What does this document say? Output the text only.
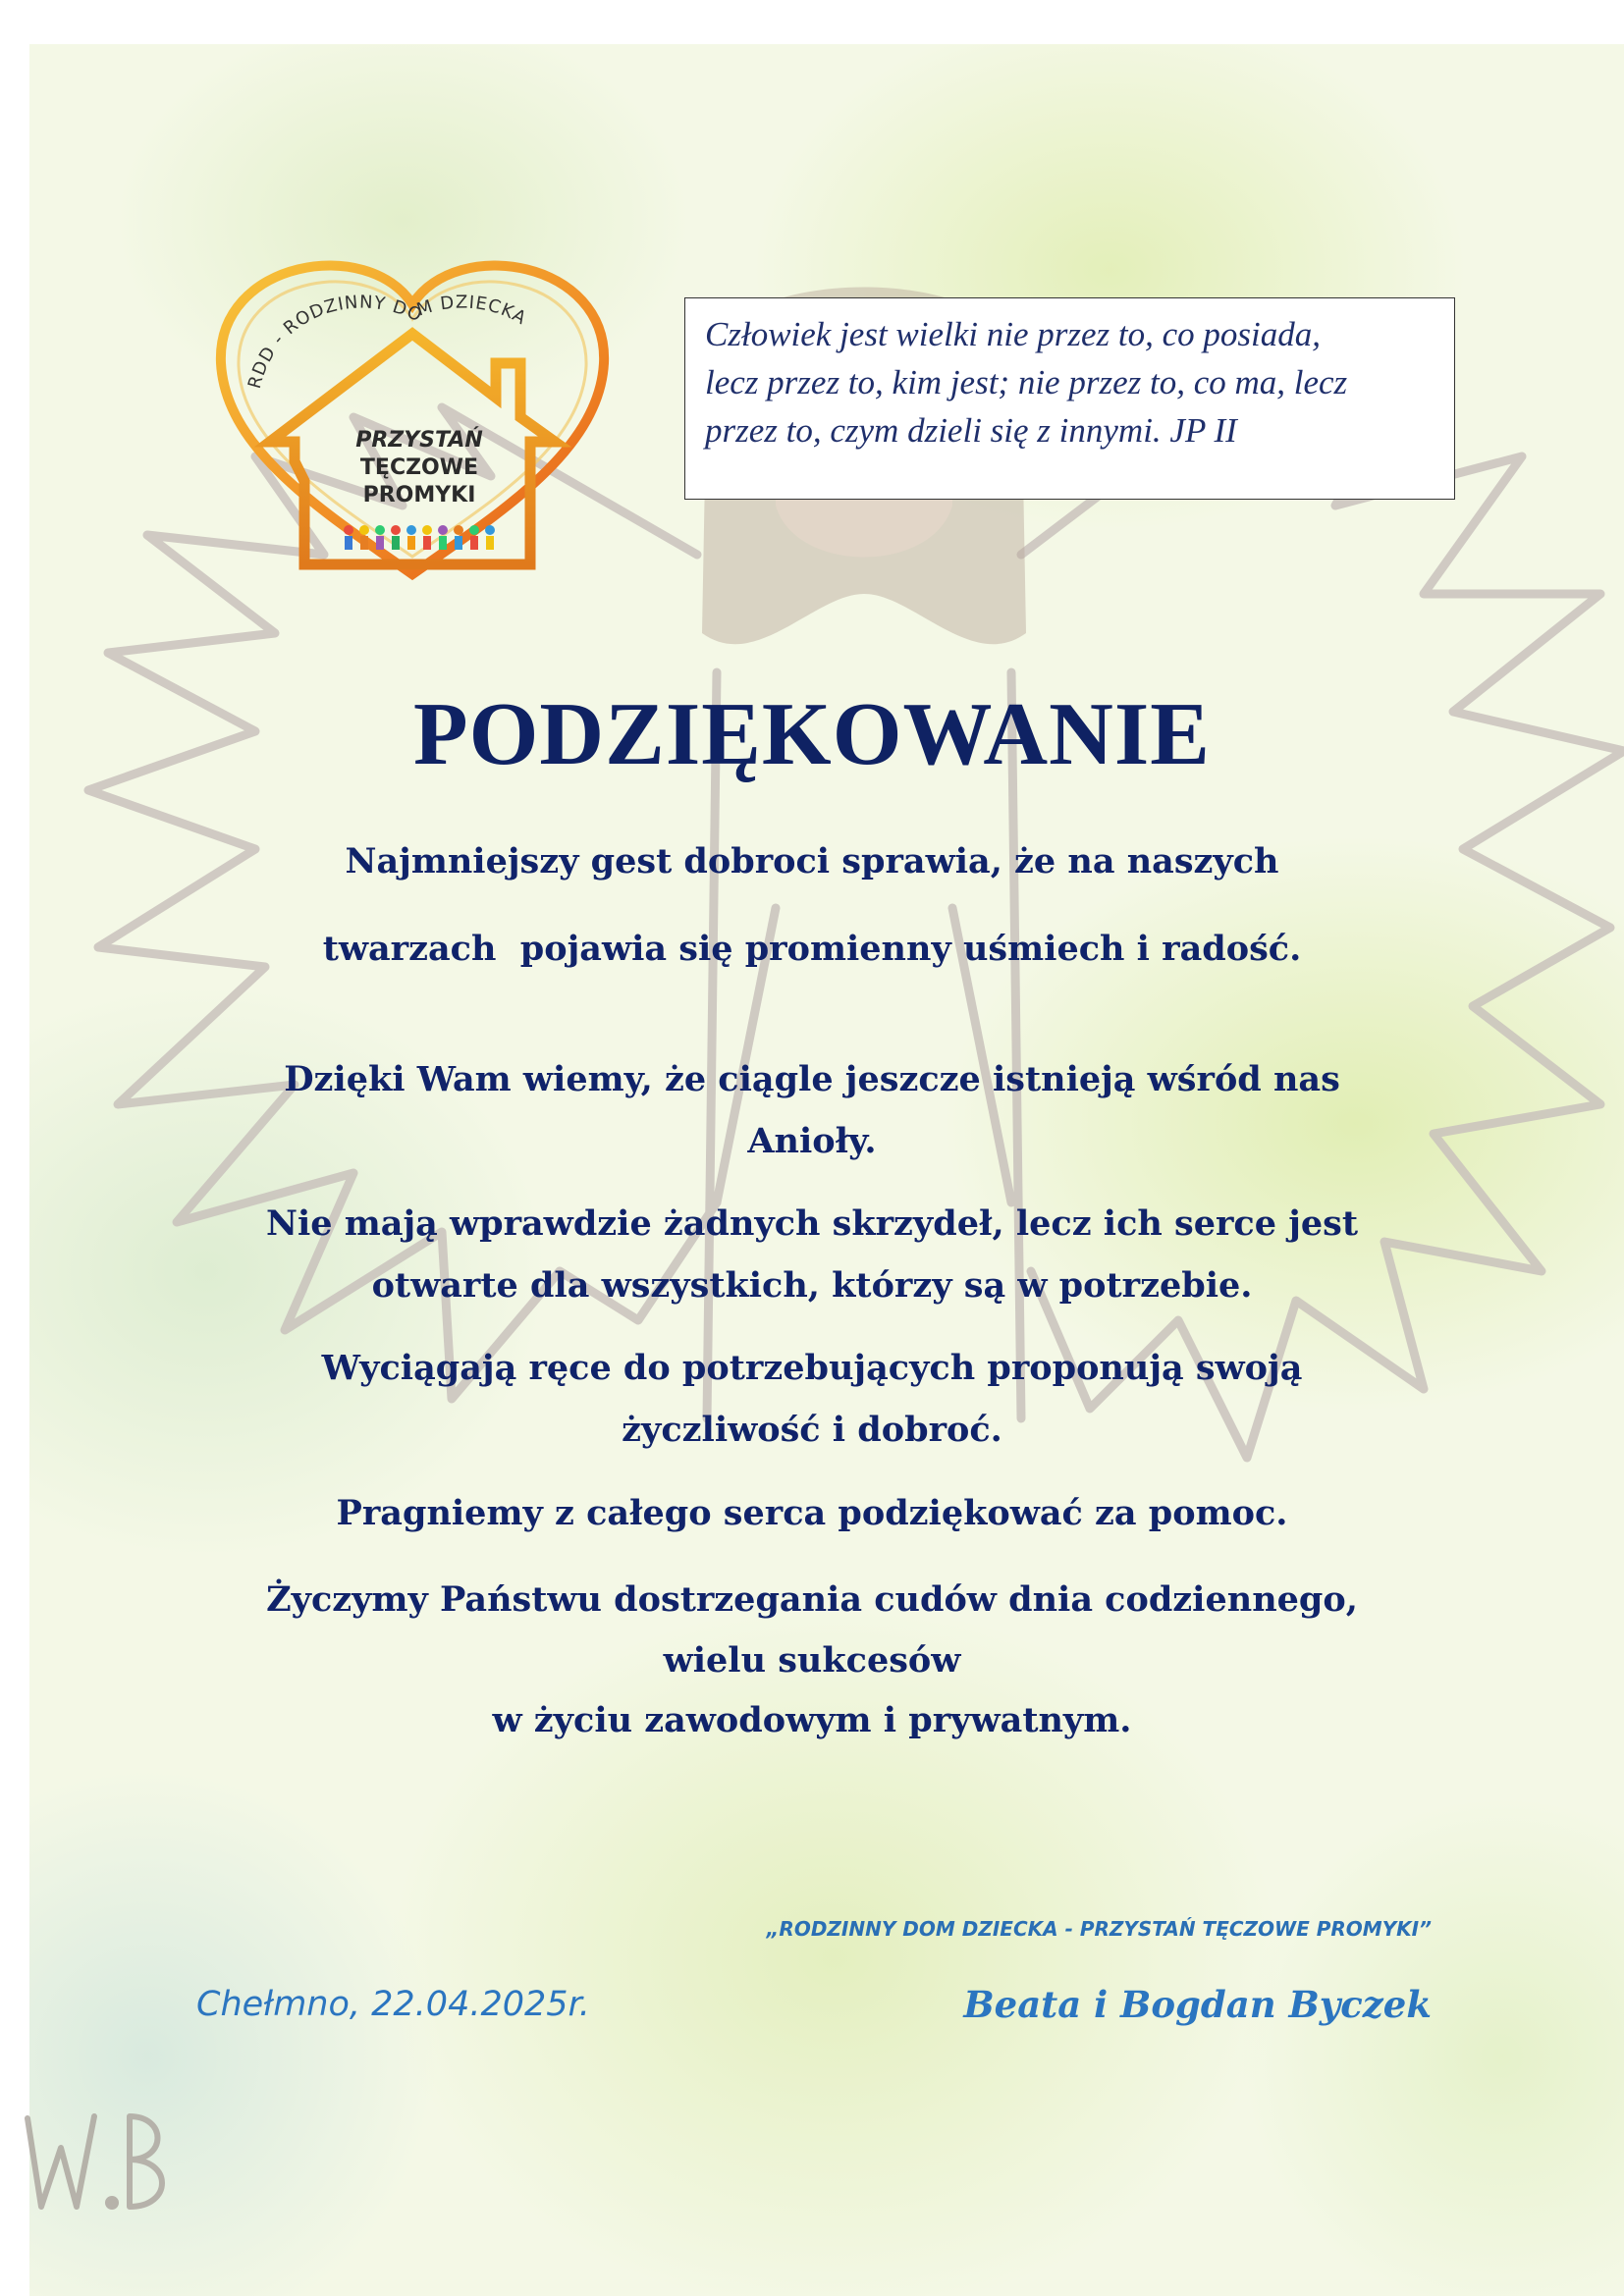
RDD - RODZINNY DOM DZIECKA
PRZYSTAŃ
TĘCZOWE
PROMYKI

Człowiek jest wielki nie przez to, co posiada,

lecz przez to, kim jest; nie przez to, co ma, lecz

przez to, czym dzieli się z innymi. JP II

PODZIĘKOWANIE

Najmniejszy gest dobroci sprawia, że na naszych

twarzach  pojawia się promienny uśmiech i radość.

Dzięki Wam wiemy, że ciągle jeszcze istnieją wśród nas

Anioły.

Nie mają wprawdzie żadnych skrzydeł, lecz ich serce jest

otwarte dla wszystkich, którzy są w potrzebie.

Wyciągają ręce do potrzebujących proponują swoją

życzliwość i dobroć.

Pragniemy z całego serca podziękować za pomoc.

Życzymy Państwu dostrzegania cudów dnia codziennego,

wielu sukcesów

w życiu zawodowym i prywatnym.

„RODZINNY DOM DZIECKA - PRZYSTAŃ TĘCZOWE PROMYKI”

Chełmno, 22.04.2025r.	Beata i Bogdan Byczek
